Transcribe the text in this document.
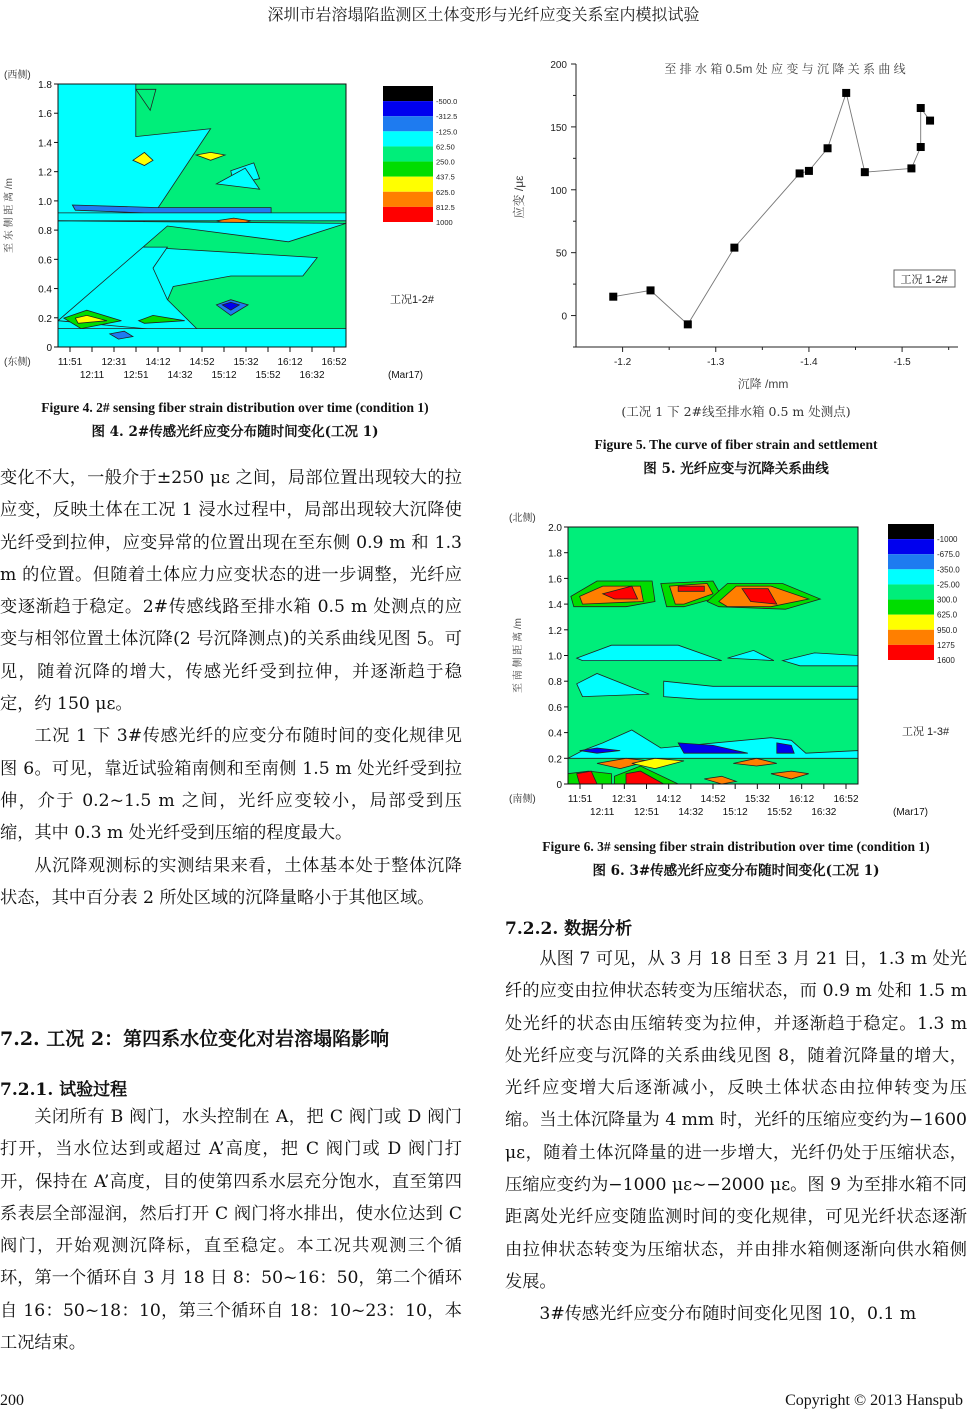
深圳市岩溶塌陷监测区土体变形与光纤应变关系室内模拟试验
1.8
1.6
1.4
1.2
1.0
0.8
0.6
0.4
0.2
0
11:51 12:31 14:12 14:52 15:32 16:12 16:52
12:11 12:51 14:32 15:12 15:52 16:32	(Mar17)
(西侧)
(东侧)
至 东 侧 距 离 /m
-500.0
-312.5
-125.0
62.50
250.0
437.5
625.0
812.5
1000
工况1-2#
Figure 4. 2# sensing fiber strain distribution over time (condition 1)
图 4. 2#传感光纤应变分布随时间变化(工况 1)
0
50
100
150
200
-1.2	-1.3	-1.4	-1.5
至 排 水 箱 0.5m 处 应 变 与 沉 降 关 系 曲 线
沉降 /mm
应变 /με
工况 1-2#
(工况 1 下 2#线至排水箱 0.5 m 处测点)
Figure 5. The curve of fiber strain and settlement
图 5. 光纤应变与沉降关系曲线
2.0
1.8
1.6
1.4
1.2
1.0
0.8
0.6
0.4
0.2
0
11:51 12:31 14:12 14:52 15:32 16:12 16:52
12:11 12:51 14:32 15:12 15:52 16:32	(Mar17)
(北侧)
(南侧)
至 南 侧 距 离 /m
-1000
-675.0
-350.0
-25.00
300.0
625.0
950.0
1275
1600
工况 1-3#
Figure 6. 3# sensing fiber strain distribution over time (condition 1)
图 6. 3#传感光纤应变分布随时间变化(工况 1)

变化不大，一般介于±250 με 之间，局部位置出现较大的拉应变，反映土体在工况 1 浸水过程中，局部出现较大沉降使光纤受到拉伸，应变异常的位置出现在至东侧 0.9 m 和 1.3 m 的位置。但随着土体应力应变状态的进一步调整，光纤应变逐渐趋于稳定。2#传感线路至排水箱 0.5 m 处测点的应变与相邻位置土体沉降(2 号沉降测点)的关系曲线见图 5。可见，随着沉降的增大，传感光纤受到拉伸，并逐渐趋于稳定，约 150 με。

工况 1 下 3#传感光纤的应变分布随时间的变化规律见图 6。可见，靠近试验箱南侧和至南侧 1.5 m 处光纤受到拉伸，介于 0.2~1.5 m 之间，光纤应变较小，局部受到压缩，其中 0.3 m 处光纤受到压缩的程度最大。

从沉降观测标的实测结果来看，土体基本处于整体沉降状态，其中百分表 2 所处区域的沉降量略小于其他区域。

7.2. 工况 2：第四系水位变化对岩溶塌陷影响
7.2.1. 试验过程

关闭所有 B 阀门，水头控制在 A，把 C 阀门或 D 阀门打开，当水位达到或超过 A’高度，把 C 阀门或 D 阀门打开，保持在 A’高度，目的使第四系水层充分饱水，直至第四系表层全部湿润，然后打开 C 阀门将水排出，使水位达到 C 阀门，开始观测沉降标，直至稳定。本工况共观测三个循环，第一个循环自 3 月 18 日 8：50~16：50，第二个循环自 16：50~18：10，第三个循环自 18：10~23：10，本工况结束。

7.2.2. 数据分析

从图 7 可见，从 3 月 18 日至 3 月 21 日，1.3 m 处光纤的应变由拉伸状态转变为压缩状态，而 0.9 m 处和 1.5 m 处光纤的状态由压缩转变为拉伸，并逐渐趋于稳定。1.3 m 处光纤应变与沉降的关系曲线见图 8，随着沉降量的增大，光纤应变增大后逐渐减小，反映土体状态由拉伸转变为压缩。当土体沉降量为 4 mm 时，光纤的压缩应变约为−1600 με，随着土体沉降量的进一步增大，光纤仍处于压缩状态，压缩应变约为−1000 με~−2000 με。图 9 为至排水箱不同距离处光纤应变随监测时间的变化规律，可见光纤状态逐渐由拉伸状态转变为压缩状态，并由排水箱侧逐渐向供水箱侧发展。

3#传感光纤应变分布随时间变化见图 10，0.1 m

200	Copyright © 2013 Hanspub
